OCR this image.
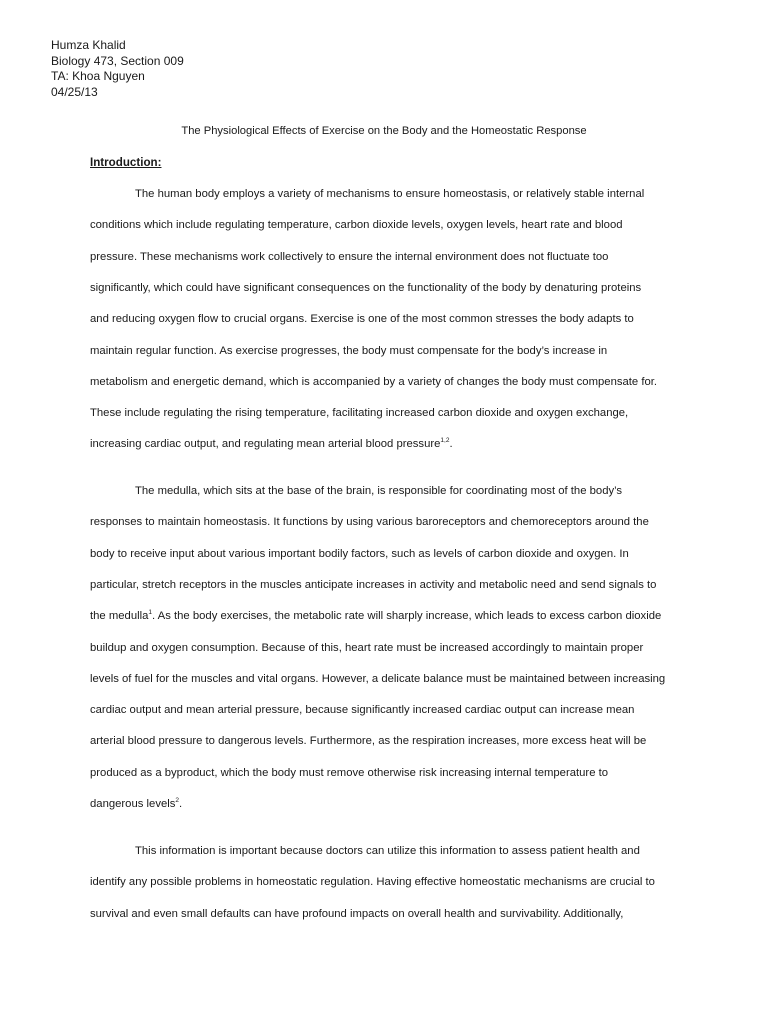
Humza Khalid
Biology 473, Section 009
TA: Khoa Nguyen
04/25/13
The Physiological Effects of Exercise on the Body and the Homeostatic Response
Introduction:
The human body employs a variety of mechanisms to ensure homeostasis, or relatively stable internal
conditions which include regulating temperature, carbon dioxide levels, oxygen levels, heart rate and blood
pressure. These mechanisms work collectively to ensure the internal environment does not fluctuate too
significantly, which could have significant consequences on the functionality of the body by denaturing proteins
and reducing oxygen flow to crucial organs. Exercise is one of the most common stresses the body adapts to
maintain regular function. As exercise progresses, the body must compensate for the body’s increase in
metabolism and energetic demand, which is accompanied by a variety of changes the body must compensate for.
These include regulating the rising temperature, facilitating increased carbon dioxide and oxygen exchange,
increasing cardiac output, and regulating mean arterial blood pressure$^{1,2}$.
The medulla, which sits at the base of the brain, is responsible for coordinating most of the body’s
responses to maintain homeostasis. It functions by using various baroreceptors and chemoreceptors around the
body to receive input about various important bodily factors, such as levels of carbon dioxide and oxygen. In
particular, stretch receptors in the muscles anticipate increases in activity and metabolic need and send signals to
the medulla$^1$. As the body exercises, the metabolic rate will sharply increase, which leads to excess carbon dioxide
buildup and oxygen consumption. Because of this, heart rate must be increased accordingly to maintain proper
levels of fuel for the muscles and vital organs. However, a delicate balance must be maintained between increasing
cardiac output and mean arterial pressure, because significantly increased cardiac output can increase mean
arterial blood pressure to dangerous levels. Furthermore, as the respiration increases, more excess heat will be
produced as a byproduct, which the body must remove otherwise risk increasing internal temperature to
dangerous levels$^2$.
This information is important because doctors can utilize this information to assess patient health and
identify any possible problems in homeostatic regulation. Having effective homeostatic mechanisms are crucial to
survival and even small defaults can have profound impacts on overall health and survivability. Additionally,
